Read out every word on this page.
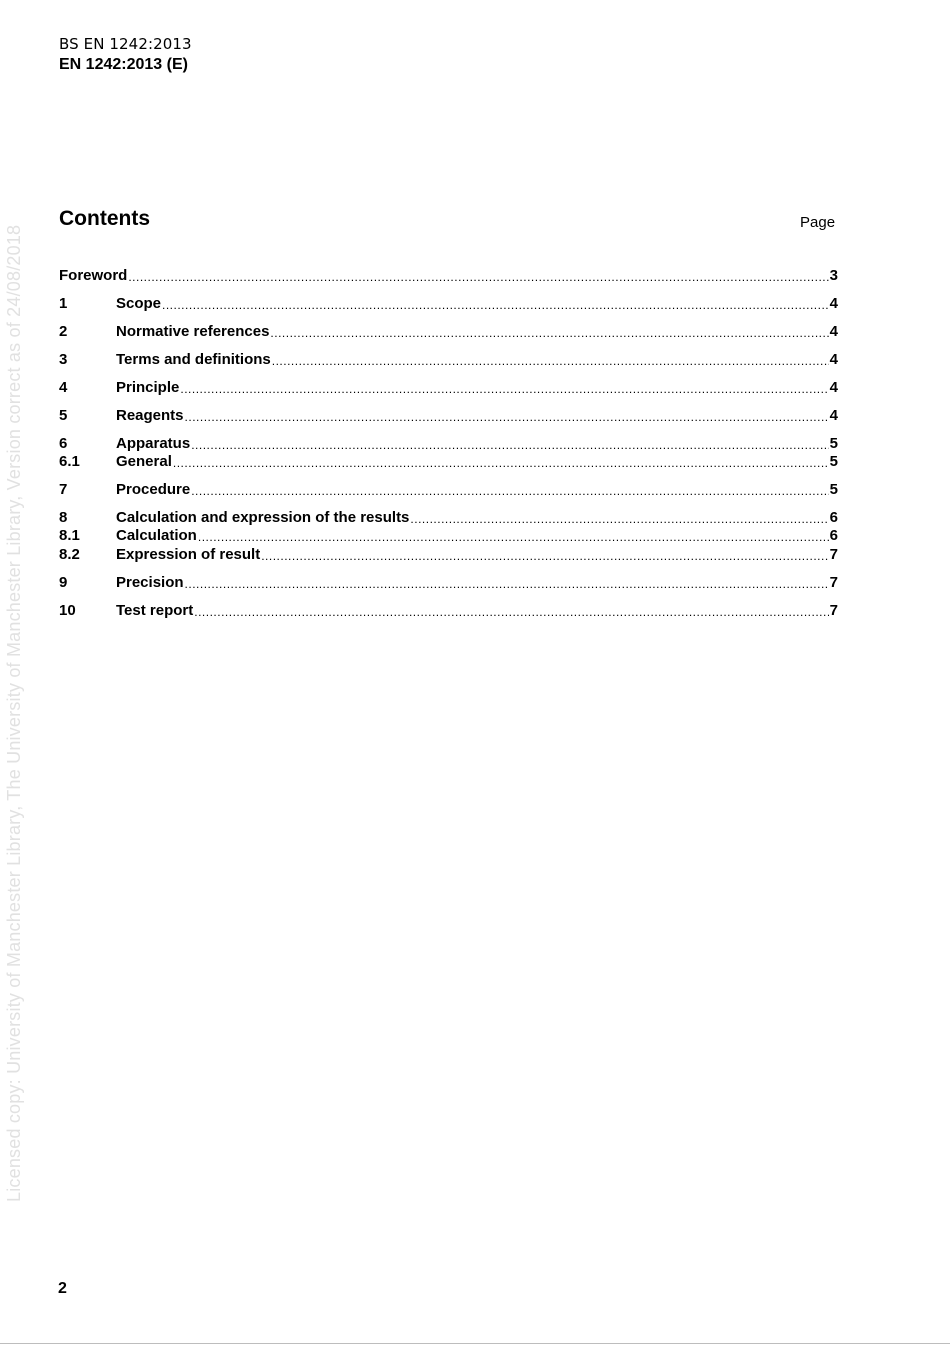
BS EN 1242:2013
EN 1242:2013 (E)
Licensed copy: University of Manchester Library, The University of Manchester Library, Version correct as of 24/08/2018
Contents	Page
Foreword .....	3
1	Scope .....	4
2	Normative references .....	4
3	Terms and definitions .....	4
4	Principle .....	4
5	Reagents .....	4
6	Apparatus .....	5
6.1	General .....	5
7	Procedure .....	5
8	Calculation and expression of the results .....	6
8.1	Calculation .....	6
8.2	Expression of result .....	7
9	Precision .....	7
10	Test report .....	7
2
